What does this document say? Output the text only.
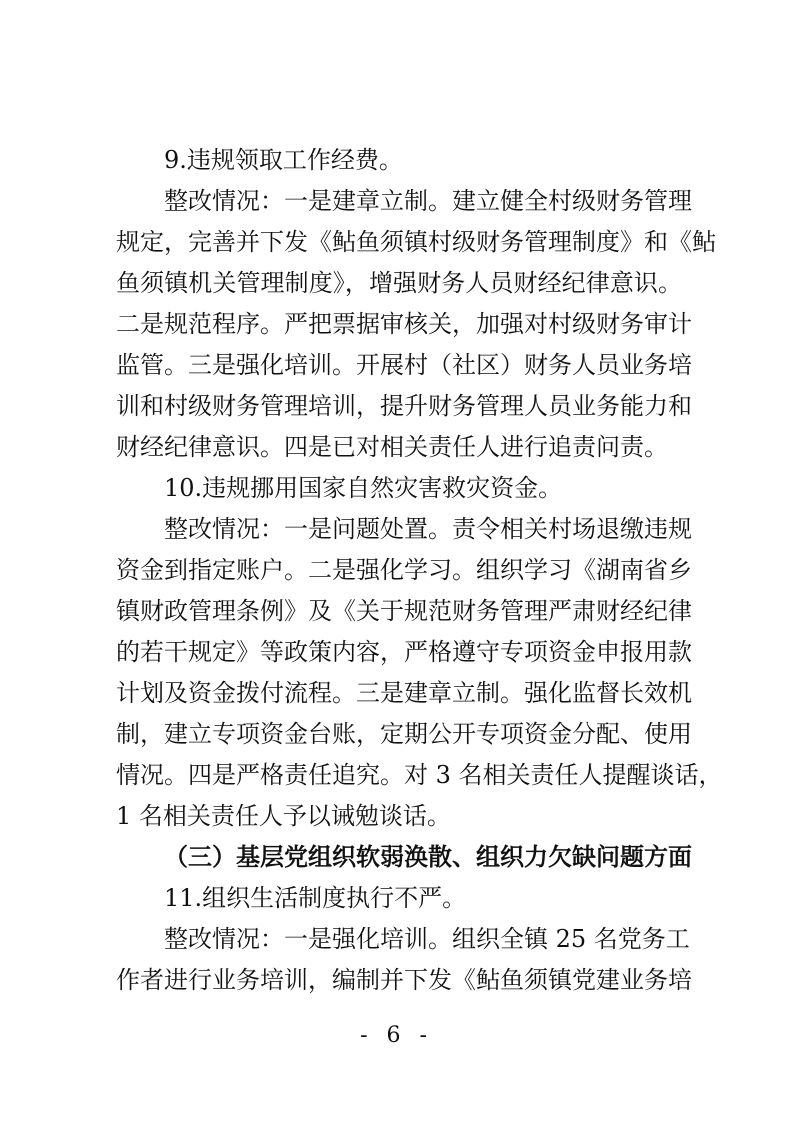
9.违规领取工作经费。
整改情况：一是建章立制。建立健全村级财务管理
规定，完善并下发《鲇鱼须镇村级财务管理制度》和《鲇
鱼须镇机关管理制度》，增强财务人员财经纪律意识。
二是规范程序。严把票据审核关，加强对村级财务审计
监管。三是强化培训。开展村（社区）财务人员业务培
训和村级财务管理培训，提升财务管理人员业务能力和
财经纪律意识。四是已对相关责任人进行追责问责。
10.违规挪用国家自然灾害救灾资金。
整改情况：一是问题处置。责令相关村场退缴违规
资金到指定账户。二是强化学习。组织学习《湖南省乡
镇财政管理条例》及《关于规范财务管理严肃财经纪律
的若干规定》等政策内容，严格遵守专项资金申报用款
计划及资金拨付流程。三是建章立制。强化监督长效机
制，建立专项资金台账，定期公开专项资金分配、使用
情况。四是严格责任追究。对 3 名相关责任人提醒谈话，
1 名相关责任人予以诫勉谈话。
（三）基层党组织软弱涣散、组织力欠缺问题方面
11.组织生活制度执行不严。
整改情况：一是强化培训。组织全镇 25 名党务工
作者进行业务培训，编制并下发《鲇鱼须镇党建业务培
- 6 -
